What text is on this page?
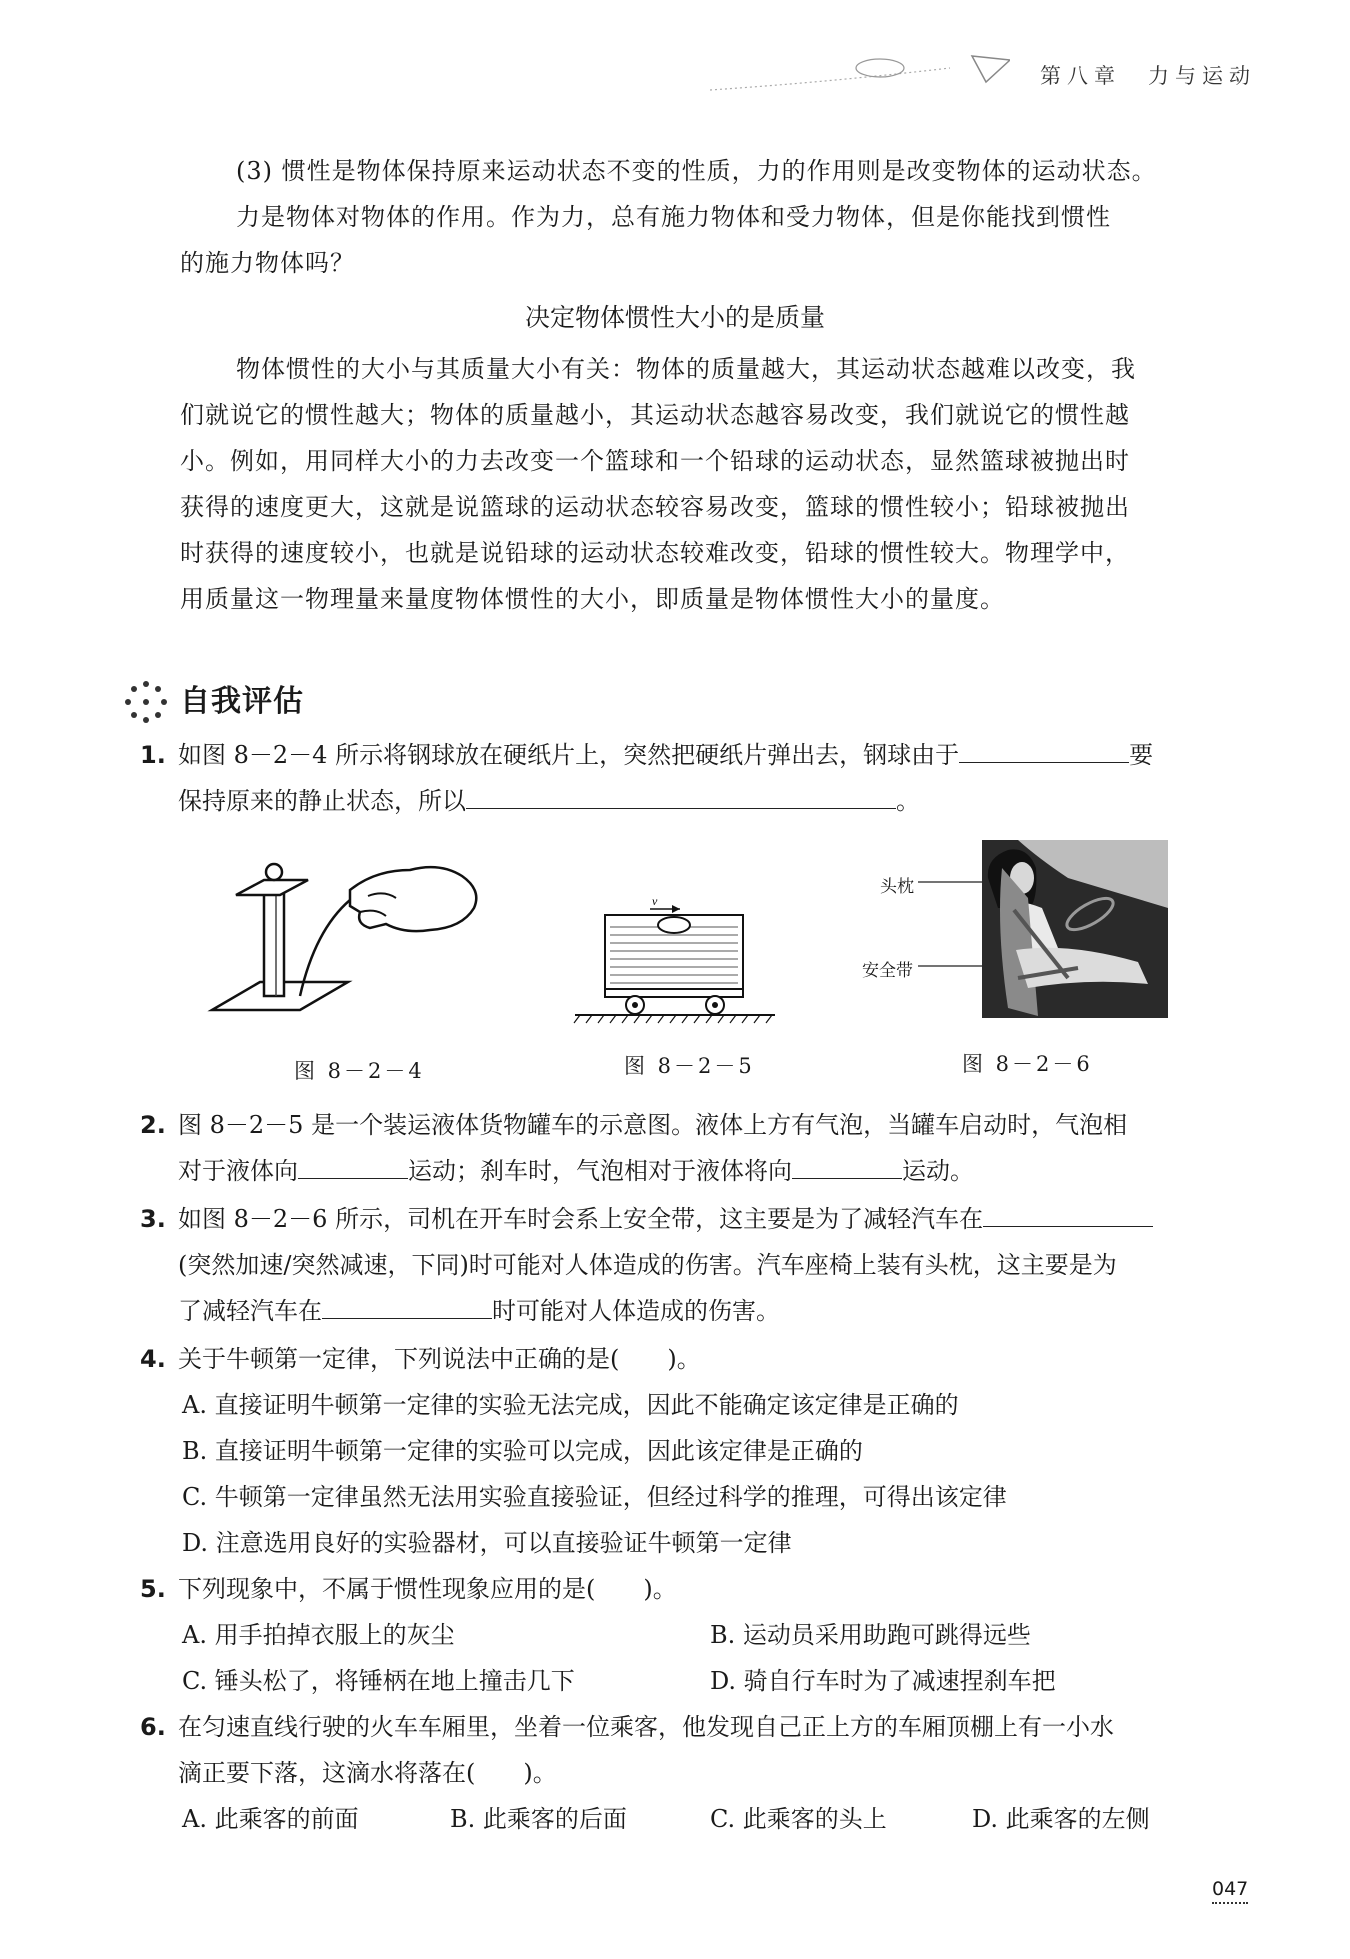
第八章　力与运动
(3) 惯性是物体保持原来运动状态不变的性质，力的作用则是改变物体的运动状态。
力是物体对物体的作用。作为力，总有施力物体和受力物体，但是你能找到惯性
的施力物体吗？
决定物体惯性大小的是质量
物体惯性的大小与其质量大小有关：物体的质量越大，其运动状态越难以改变，我
们就说它的惯性越大；物体的质量越小，其运动状态越容易改变，我们就说它的惯性越
小。例如，用同样大小的力去改变一个篮球和一个铅球的运动状态，显然篮球被抛出时
获得的速度更大，这就是说篮球的运动状态较容易改变，篮球的惯性较小；铅球被抛出
时获得的速度较小，也就是说铅球的运动状态较难改变，铅球的惯性较大。物理学中，
用质量这一物理量来量度物体惯性的大小，即质量是物体惯性大小的量度。
自我评估
1. 如图 8－2－4 所示将钢球放在硬纸片上，突然把硬纸片弹出去，钢球由于	要
保持原来的静止状态，所以	。
v
头枕
安全带
图 8－2－4	图 8－2－5	图 8－2－6
2. 图 8－2－5 是一个装运液体货物罐车的示意图。液体上方有气泡，当罐车启动时，气泡相
对于液体向	运动；刹车时，气泡相对于液体将向	运动。
3. 如图 8－2－6 所示，司机在开车时会系上安全带，这主要是为了减轻汽车在
(突然加速/突然减速，下同)时可能对人体造成的伤害。汽车座椅上装有头枕，这主要是为
了减轻汽车在	时可能对人体造成的伤害。
4. 关于牛顿第一定律，下列说法中正确的是(　　)。
A. 直接证明牛顿第一定律的实验无法完成，因此不能确定该定律是正确的
B. 直接证明牛顿第一定律的实验可以完成，因此该定律是正确的
C. 牛顿第一定律虽然无法用实验直接验证，但经过科学的推理，可得出该定律
D. 注意选用良好的实验器材，可以直接验证牛顿第一定律
5. 下列现象中，不属于惯性现象应用的是(　　)。
A. 用手拍掉衣服上的灰尘	B. 运动员采用助跑可跳得远些
C. 锤头松了，将锤柄在地上撞击几下	D. 骑自行车时为了减速捏刹车把
6. 在匀速直线行驶的火车车厢里，坐着一位乘客，他发现自己正上方的车厢顶棚上有一小水
滴正要下落，这滴水将落在(　　)。
A. 此乘客的前面	B. 此乘客的后面	C. 此乘客的头上	D. 此乘客的左侧
047
